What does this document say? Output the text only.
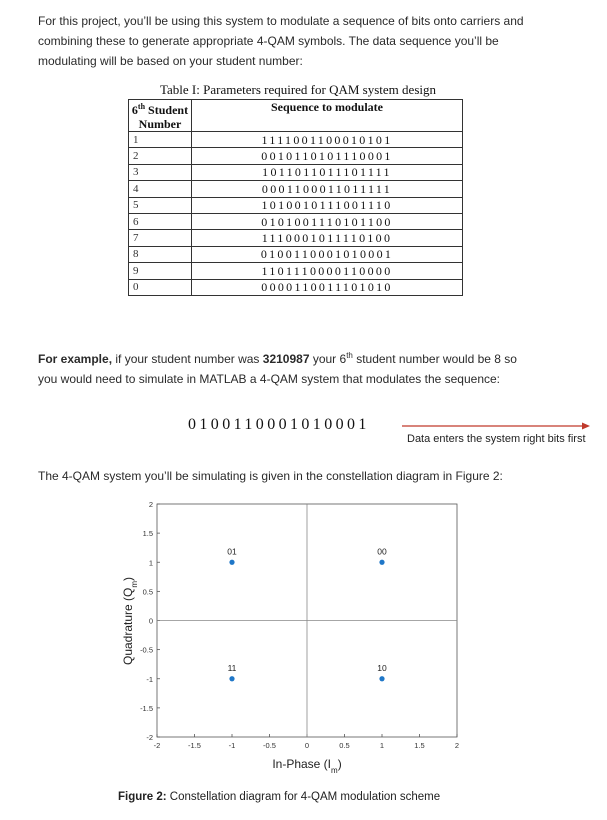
For this project, you’ll be using this system to modulate a sequence of bits onto carriers and
combining these to generate appropriate 4-QAM symbols. The data sequence you’ll be
modulating will be based on your student number:
Table I: Parameters required for QAM system design
6th Student
Number	Sequence to modulate
1	1111001100010101
2	0010110101110001
3	1011011011101111
4	0001100011011111
5	1010010111001110
6	0101001110101100
7	1110001011110100
8	0100110001010001
9	1101110000110000
0	0000110011101010
For example, if your student number was 3210987 your 6th student number would be 8 so
you would need to simulate in MATLAB a 4-QAM system that modulates the sequence:
0100110001010001
Data enters the system right bits first
The 4-QAM system you’ll be simulating is given in the constellation diagram in Figure 2:
-2	-1.5	-1	-0.5	0	0.5	1	1.5	2
2
1.5
1
0.5
0
-0.5
-1
-1.5
-2
01	00
11	10
In-Phase $(I_m)$
Quadrature $(Q_m)$
Figure 2: Constellation diagram for 4-QAM modulation scheme
